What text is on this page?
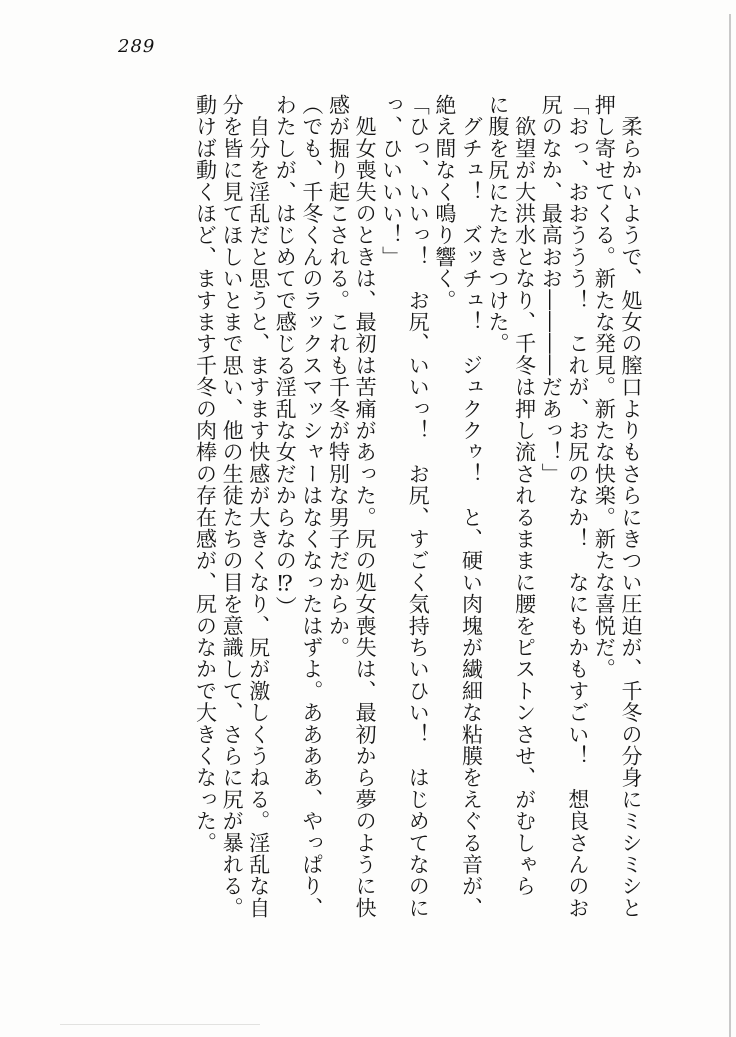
289

　柔らかいようで、処女の膣口よりもさらにきつい圧迫が、千冬の分身にミシミシと

押し寄せてくる。新たな発見。新たな快楽。新たな喜悦だ。

「おっ、おおううう！　これが、お尻のなか！　なにもかもすごい！　想良さんのお

尻のなか、最高おお――――だあっ！」

　欲望が大洪水となり、千冬は押し流されるままに腰をピストンさせ、がむしゃら

に腹を尻にたたきつけた。

　グチュ！　ズッチュ！　ジュククゥ！　と、硬い肉塊が繊細な粘膜をえぐる音が、

絶え間なく鳴り響く。

「ひっ、いいっ！　お尻、いいっ！　お尻、すごく気持ちいひい！　はじめてなのに

っ、ひいいい！」

　処女喪失のときは、最初は苦痛があった。尻の処女喪失は、最初から夢のように快

感が掘り起こされる。これも千冬が特別な男子だからか。

（でも、千冬くんのラックスマッシャーはなくなったはずよ。ああああ、やっぱり、

わたしが、はじめてで感じる淫乱な女だからなの⁉）

　自分を淫乱だと思うと、ますます快感が大きくなり、尻が激しくうねる。淫乱な自

分を皆に見てほしいとまで思い、他の生徒たちの目を意識して、さらに尻が暴れる。

動けば動くほど、ますます千冬の肉棒の存在感が、尻のなかで大きくなった。
